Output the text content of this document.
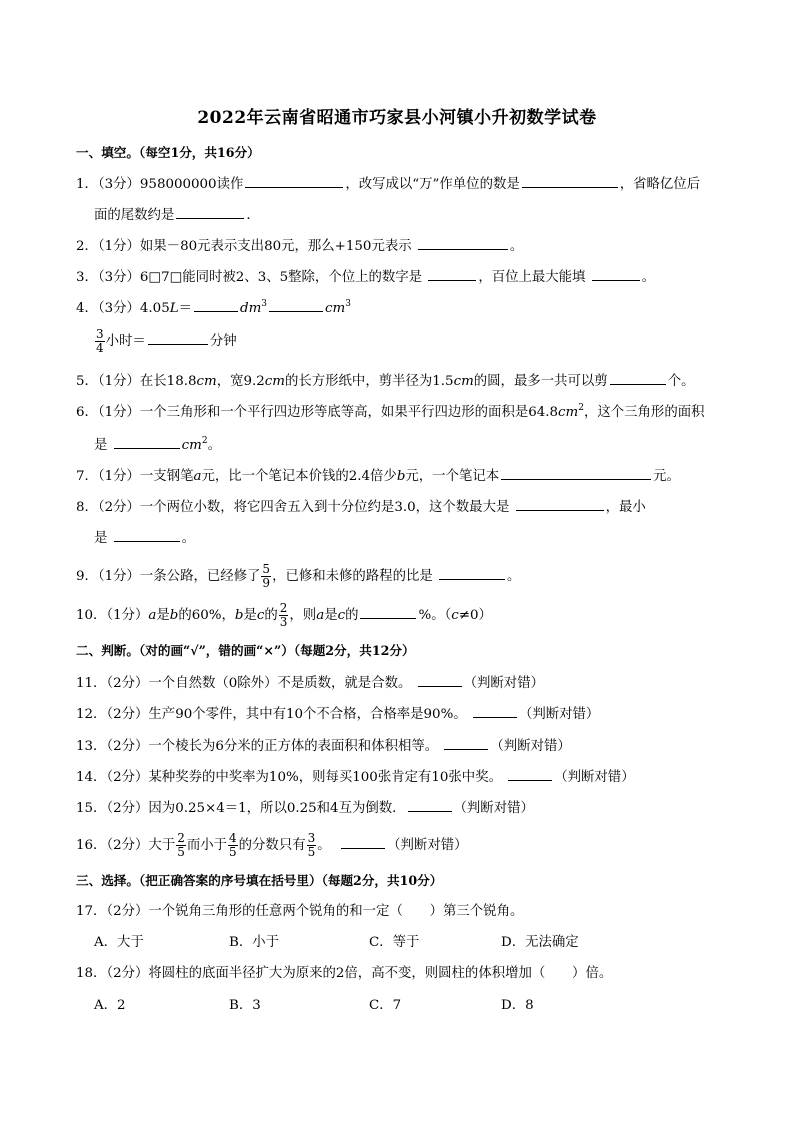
2022年云南省昭通市巧家县小河镇小升初数学试卷
一、填空。（每空1分，共16分）
1．（3分）958000000读作	，改写成以“万”作单位的数是	，省略亿位后
面的尾数约是	．
2．（1分）如果－80元表示支出80元，那么+150元表示	。
3．（3分）6□7□能同时被2、3、5整除，个位上的数字是	，百位上最大能填	。
4．（3分）4.05L＝	$dm^3$	$cm^3$
$\frac{3}{4}$ 小时＝	分钟
5．（1分）在长18.8cm，宽9.2cm的长方形纸中，剪半径为1.5cm的圆，最多一共可以剪	个。
6．（1分）一个三角形和一个平行四边形等底等高，如果平行四边形的面积是$64.8cm^2$，这个三角形的面积
是	$cm^2$。
7．（1分）一支钢笔a元，比一个笔记本价钱的2.4倍少b元，一个笔记本	元。
8．（2分）一个两位小数，将它四舍五入到十分位约是3.0，这个数最大是	，最小
是	。
9．（1分）一条公路，已经修了 $\frac{5}{9}$ ，已修和未修的路程的比是	。
10．（1分）a是b的60%，b是c的 $\frac{2}{3}$ ，则a是c的	%。（c≠0）
二、判断。（对的画“√”，错的画“×”）（每题2分，共12分）
11．（2分）一个自然数（0除外）不是质数，就是合数。	（判断对错）
12．（2分）生产90个零件，其中有10个不合格，合格率是90%。	（判断对错）
13．（2分）一个棱长为6分米的正方体的表面积和体积相等。	（判断对错）
14．（2分）某种奖券的中奖率为10%，则每买100张肯定有10张中奖。	（判断对错）
15．（2分）因为0.25×4＝1，所以0.25和4互为倒数．	（判断对错）
16．（2分）大于 $\frac{2}{5}$ 而小于 $\frac{4}{5}$ 的分数只有 $\frac{3}{5}$ 。	（判断对错）
三、选择。（把正确答案的序号填在括号里）（每题2分，共10分）
17．（2分）一个锐角三角形的任意两个锐角的和一定（　　）第三个锐角。
A．大于	B．小于	C．等于	D．无法确定
18．（2分）将圆柱的底面半径扩大为原来的2倍，高不变，则圆柱的体积增加（　　）倍。
A．2	B．3	C．7	D．8
